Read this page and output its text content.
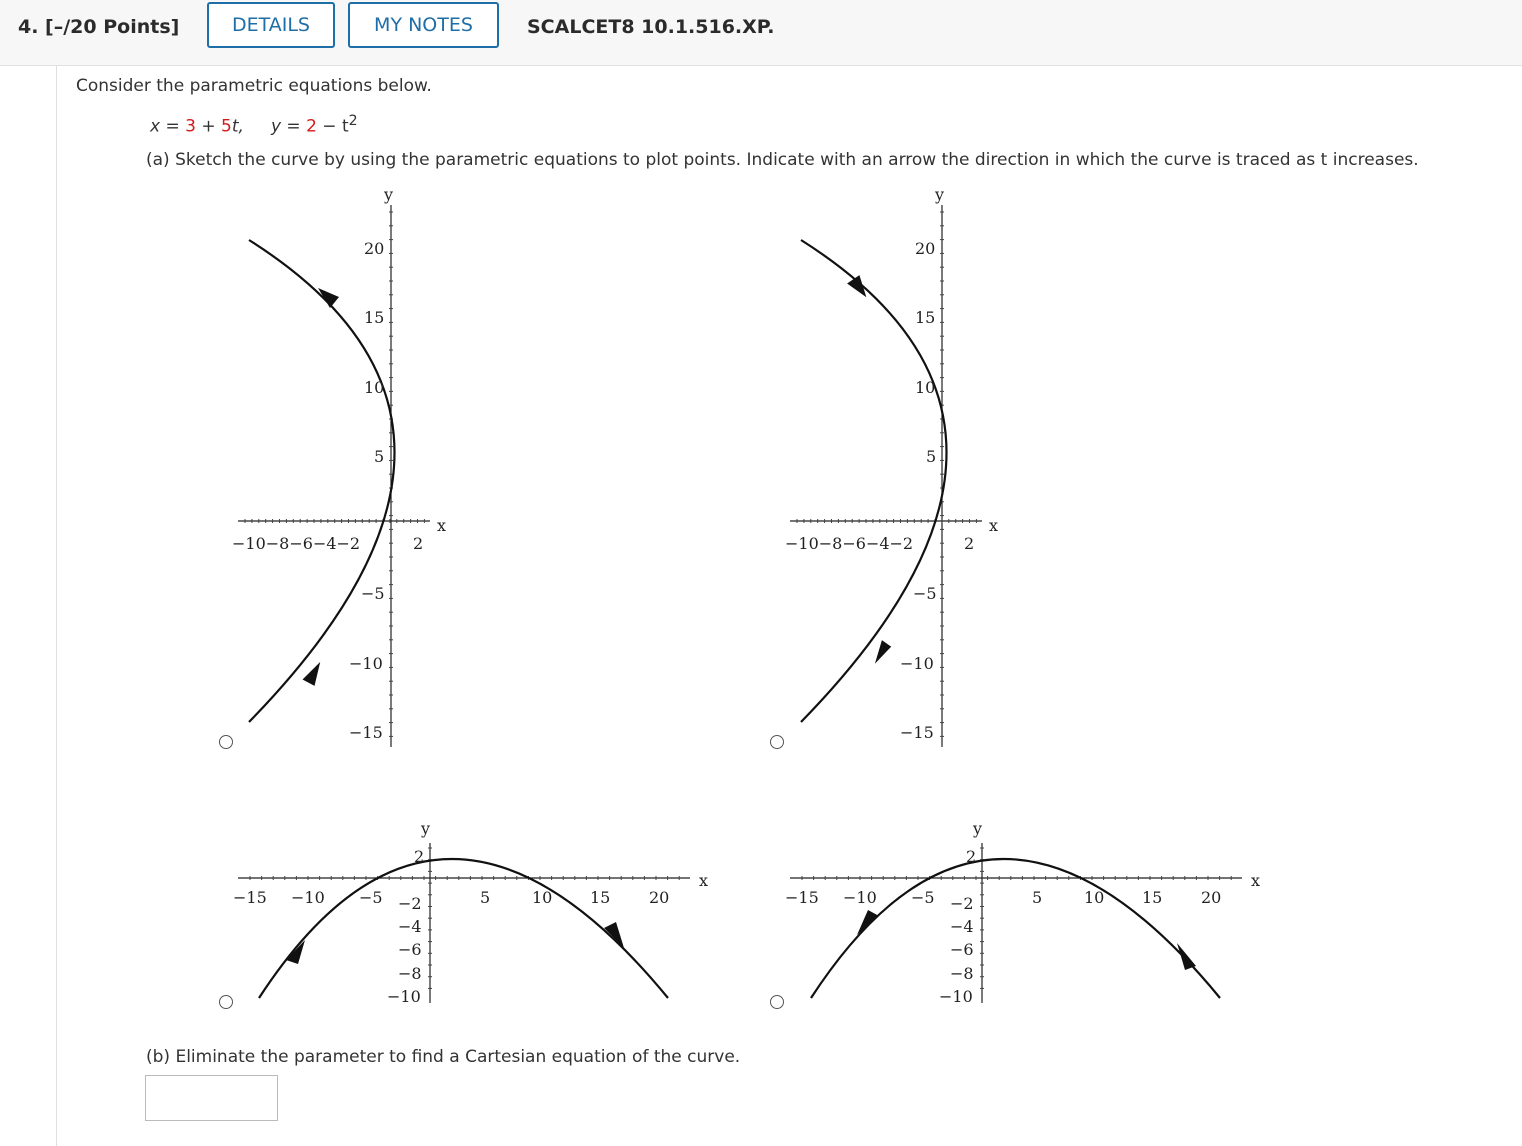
4. [–/20 Points]	DETAILS	MY NOTES	SCALCET8 10.1.516.XP.
Consider the parametric equations below.
x = 3 + 5t, $y = 2 - t^2$
(a) Sketch the curve by using the parametric equations to plot points. Indicate with an arrow the direction in which the curve is traced as t increases.
y
x
20
15
10
5
−5
−10
−15
−10−8−6−4−2	2
y
x
20
15
10
5
−5
−10
−15
−10−8−6−4−2	2
y
x
−15 −10 −5	5	10 15 20
2
−2
−4
−6
−8
−10
y
x
−15 −10 −5	5	10 15 20
2
−2
−4
−6
−8
−10
(b) Eliminate the parameter to find a Cartesian equation of the curve.
